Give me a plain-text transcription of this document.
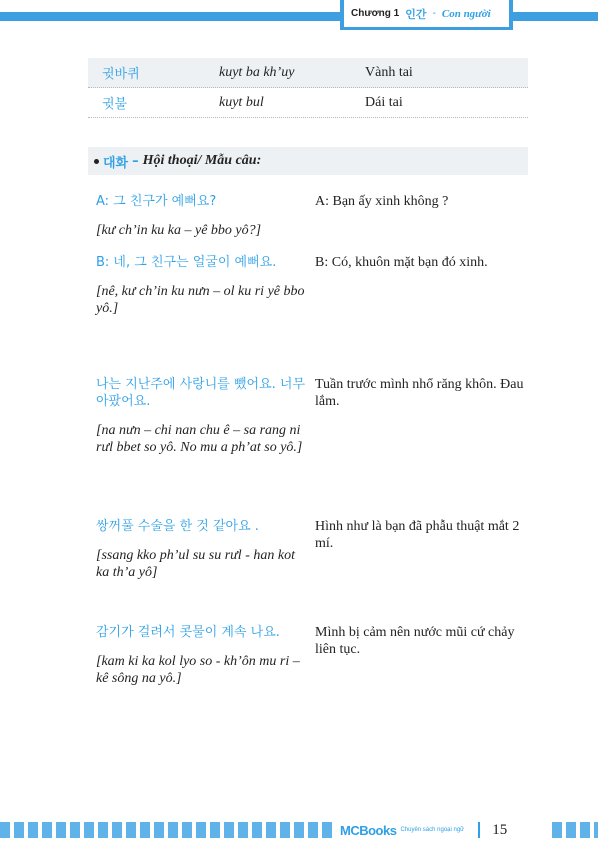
Chương 1 인간 - Con người
귓바퀴	kuyt ba kh’uy	Vành tai
귓불	kuyt bul	Dái tai
대화 – Hội thoại/ Mẫu câu:
A: 그 친구가 예뻐요?
[kư ch’in ku ka – yê bbo yô?]
A: Bạn ấy xinh không ?
B: 네, 그 친구는 얼굴이 예뻐요.
[nê, kư ch’in ku nưn – ol ku ri yê bbo yô.]
B: Có, khuôn mặt bạn đó xinh.
나는 지난주에 사랑니를 뺐어요. 너무 아팠어요.
[na nưn – chi nan chu ê – sa rang ni rưl bbet so yô. No mu a ph’at so yô.]
Tuần trước mình nhổ răng khôn. Đau lắm.
쌍꺼풀 수술을 한 것 같아요 .
[ssang kko ph’ul su su rưl - han kot ka th’a yô]
Hình như là bạn đã phẫu thuật mắt 2 mí.
감기가 걸려서 콧물이 계속 나요.
[kam ki ka kol lyo so - kh’ôn mu ri – kê sông na yô.]
Mình bị cảm nên nước mũi cứ chảy liên tục.
MCBooks Chuyên sách ngoại ngữ 15
